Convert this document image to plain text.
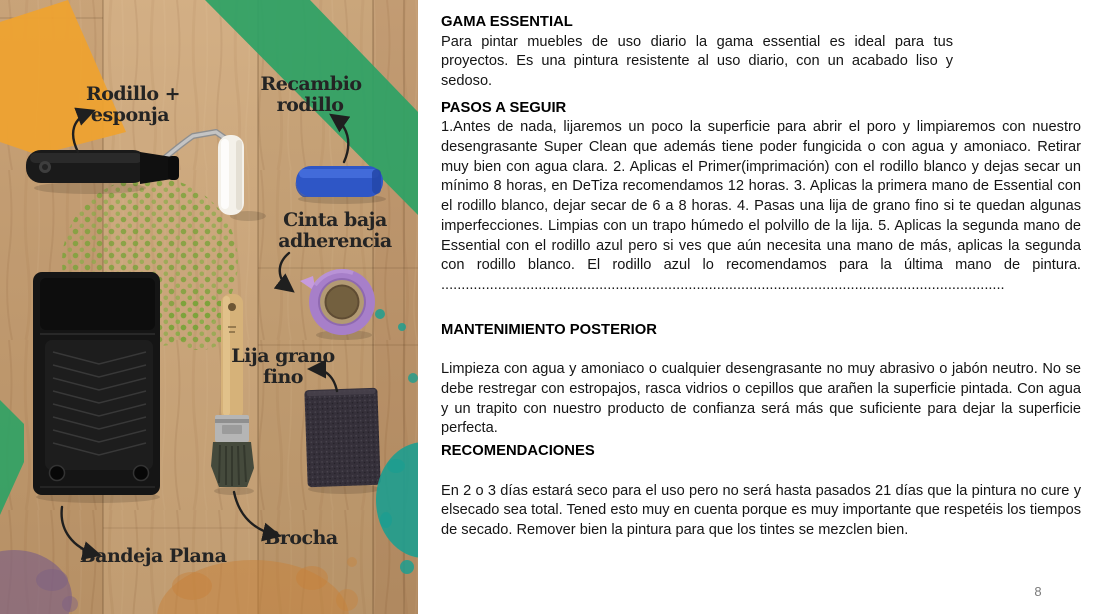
Rodillo +
esponja
Recambio
rodillo
Cinta baja
adherencia
Lija grano
fino
Brocha
Bandeja Plana
GAMA ESSENTIAL

Para pintar muebles de uso diario la gama essential es ideal para tus proyectos. Es una pintura resistente al uso diario, con un acabado liso y sedoso.

PASOS A SEGUIR

1.Antes de nada, lijaremos un poco la superficie para abrir el poro y limpiaremos con nuestro desengrasante Super Clean que además tiene poder fungicida o con agua y amoniaco. Retirar muy bien con agua clara. 2. Aplicas el Primer(imprimación) con el rodillo blanco y dejas secar un mínimo 8 horas, en DeTiza recomendamos 12 horas. 3. Aplicas la primera mano de Essential con el rodillo blanco, dejar secar de 6 a 8 horas. 4. Pasas una lija de grano fino si te quedan algunas imperfecciones. Limpias con un trapo húmedo el polvillo de la lija. 5. Aplicas la segunda mano de Essential con el rodillo azul pero si ves que aún necesita una mano de más, aplicas la segunda con rodillo blanco. El rodillo azul lo recomendamos para la última mano de pintura. ...........................................................................................................................................

MANTENIMIENTO POSTERIOR

Limpieza con agua y amoniaco o cualquier desengrasante no muy abrasivo o jabón neutro. No se debe restregar con estropajos, rasca vidrios o cepillos que arañen la superficie pintada. Con agua y un trapito con nuestro producto de confianza será más que suficiente para dejar la superficie perfecta.

RECOMENDACIONES

En 2 o 3 días estará seco para el uso pero no será hasta pasados 21 días que la pintura no cure y elsecado sea total. Tened esto muy en cuenta porque es muy importante que respetéis los tiempos de secado. Remover bien la pintura para que los tintes se mezclen bien.

8
